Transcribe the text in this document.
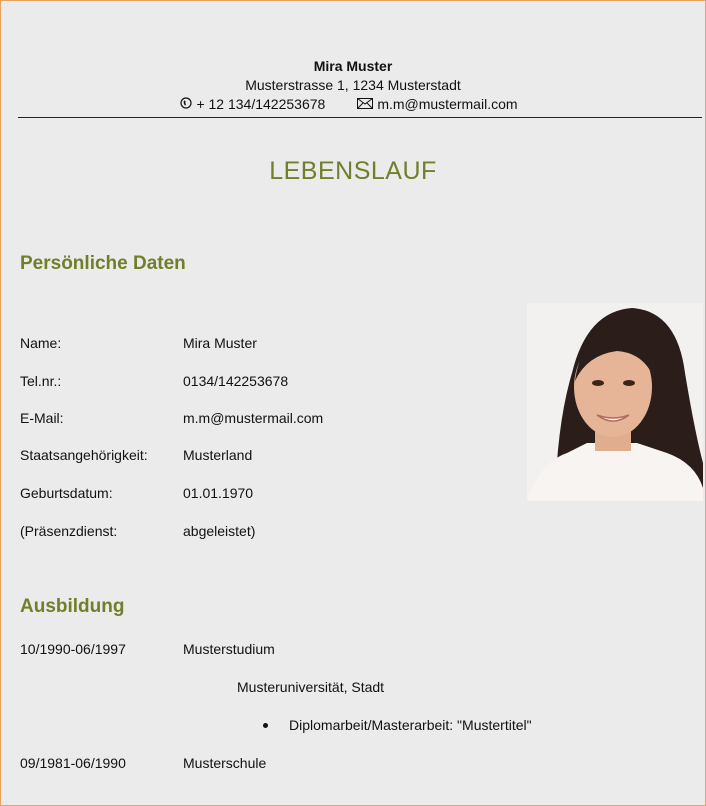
Mira Muster
Musterstrasse 1, 1234 Musterstadt
+ 12 134/142253678	m.m@mustermail.com
LEBENSLAUF
Persönliche Daten
Name:	Mira Muster
Tel.nr.:	0134/142253678
E-Mail:	m.m@mustermail.com
Staatsangehörigkeit:	Musterland
Geburtsdatum:	01.01.1970
(Präsenzdienst:	abgeleistet)
Ausbildung
10/1990-06/1997	Musterstudium
Musteruniversität, Stadt
Diplomarbeit/Masterarbeit: "Mustertitel"
09/1981-06/1990	Musterschule
